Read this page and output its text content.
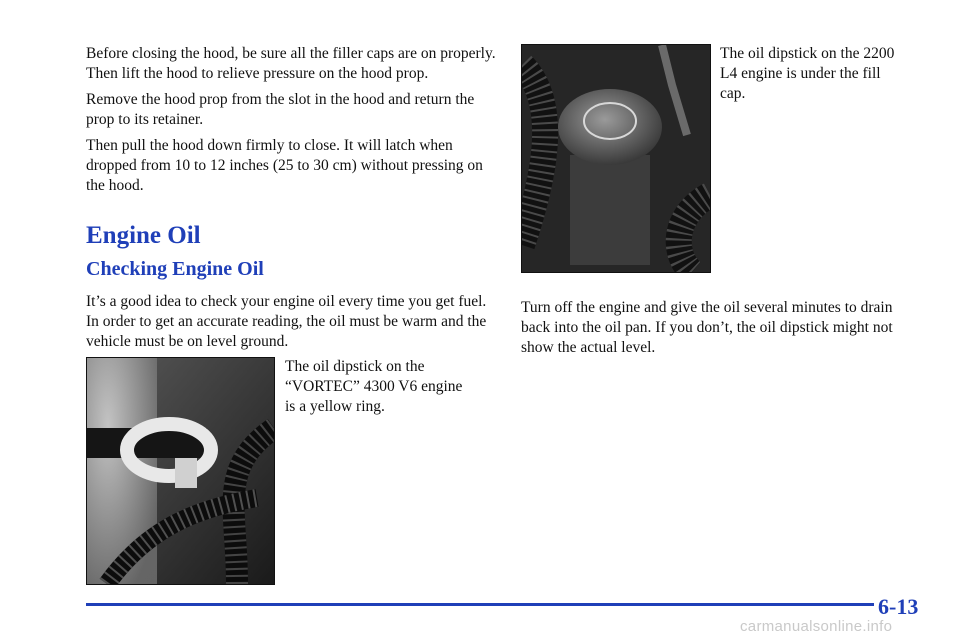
Before closing the hood, be sure all the filler caps are on properly. Then lift the hood to relieve pressure on the hood prop.

Remove the hood prop from the slot in the hood and return the prop to its retainer.

Then pull the hood down firmly to close. It will latch when dropped from 10 to 12 inches (25 to 30 cm) without pressing on the hood.

Engine Oil
Checking Engine Oil

It’s a good idea to check your engine oil every time you get fuel. In order to get an accurate reading, the oil must be warm and the vehicle must be on level ground.

The oil dipstick on the “VORTEC” 4300 V6 engine is a yellow ring.

The oil dipstick on the 2200 L4 engine is under the fill cap.

Turn off the engine and give the oil several minutes to drain back into the oil pan. If you don’t, the oil dipstick might not show the actual level.

6-13
carmanualsonline.info
